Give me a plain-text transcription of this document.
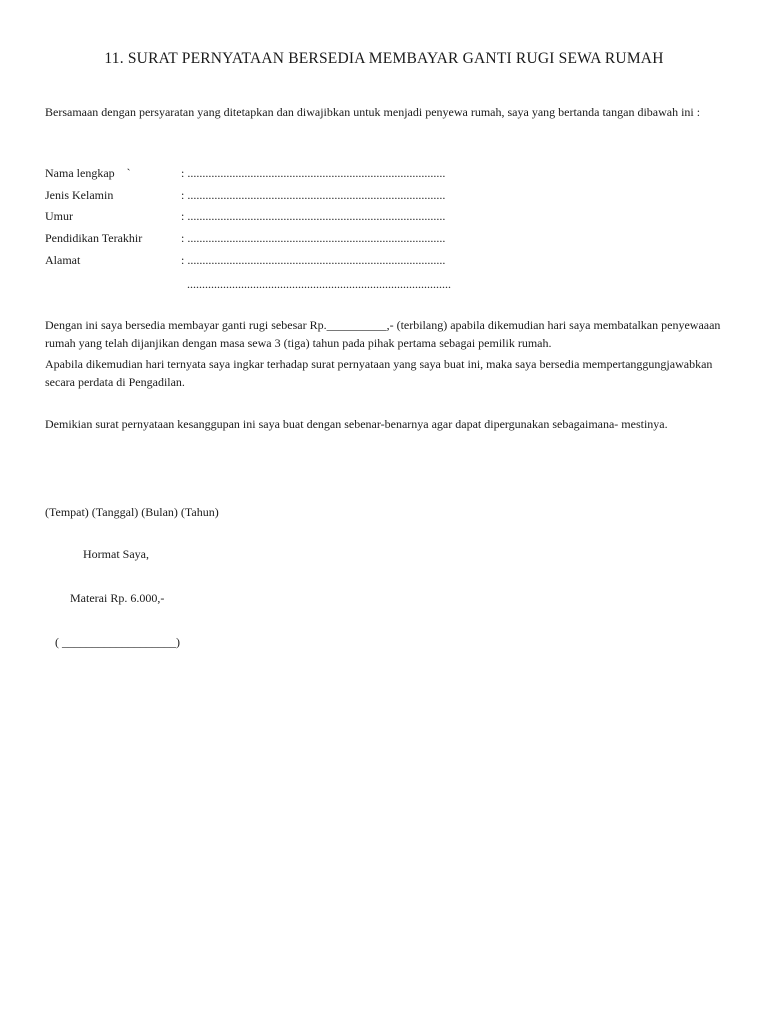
11. SURAT PERNYATAAN BERSEDIA MEMBAYAR GANTI RUGI SEWA RUMAH

Bersamaan dengan persyaratan yang ditetapkan dan diwajibkan untuk menjadi penyewa rumah, saya yang bertanda tangan dibawah ini :

Nama lengkap    `	: ......................................................................................
Jenis Kelamin	: ......................................................................................
Umur	: ......................................................................................
Pendidikan Terakhir	: ......................................................................................
Alamat	: ......................................................................................
........................................................................................

Dengan ini saya bersedia membayar ganti rugi sebesar Rp.__________,- (terbilang) apabila dikemudian hari saya membatalkan penyewaaan rumah yang telah dijanjikan dengan masa sewa 3 (tiga) tahun pada pihak pertama sebagai pemilik rumah.

Apabila dikemudian hari ternyata saya ingkar terhadap surat pernyataan yang saya buat ini, maka saya bersedia mempertanggungjawabkan secara perdata di Pengadilan.

Demikian surat pernyataan kesanggupan ini saya buat dengan sebenar-benarnya agar dapat dipergunakan sebagaimana- mestinya.

(Tempat) (Tanggal) (Bulan) (Tahun)
Hormat Saya,
Materai Rp. 6.000,-
( ___________________)
